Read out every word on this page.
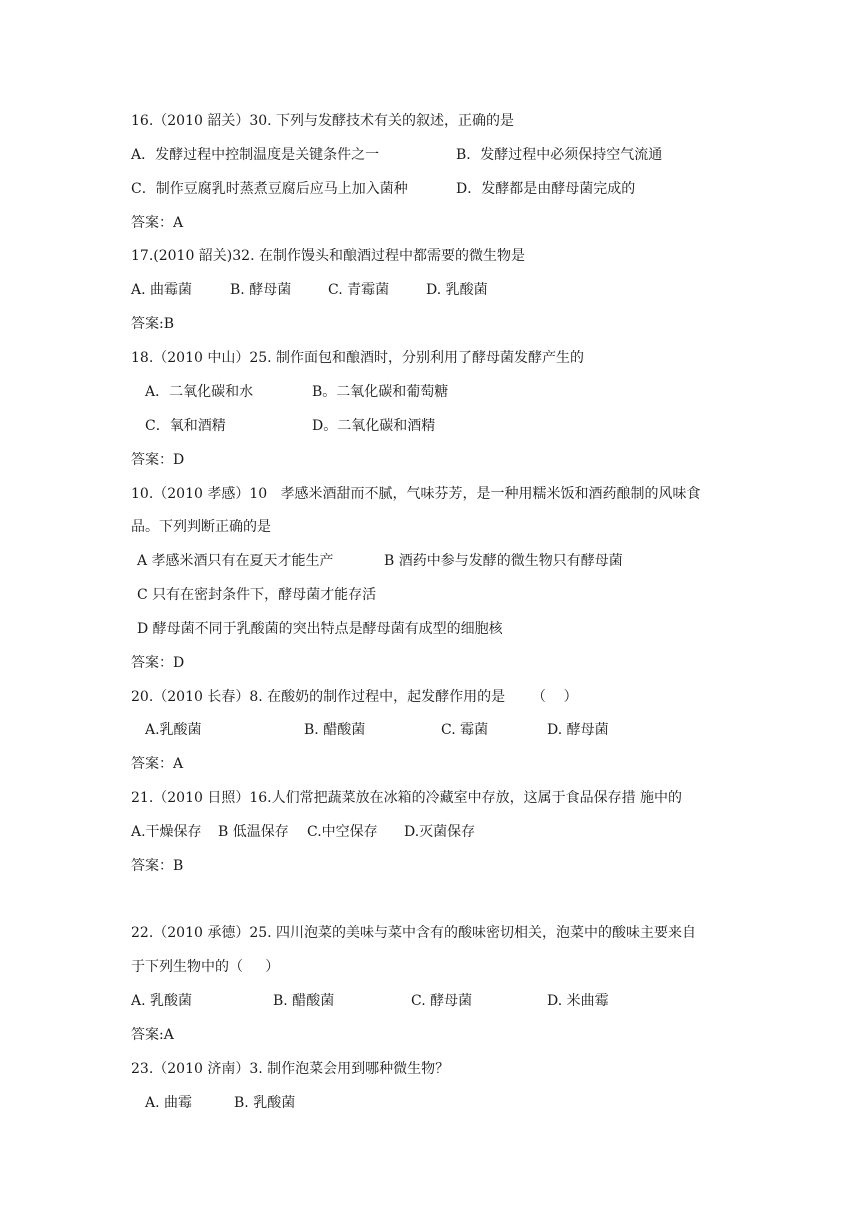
16.（2010 韶关）30. 下列与发酵技术有关的叙述，正确的是
A．发酵过程中控制温度是关键条件之一	B．发酵过程中必须保持空气流通
C．制作豆腐乳时蒸煮豆腐后应马上加入菌种	D．发酵都是由酵母菌完成的
答案：A
17.(2010 韶关)32. 在制作馒头和酿酒过程中都需要的微生物是
A. 曲霉菌	B. 酵母菌	C. 青霉菌	D. 乳酸菌
答案:B
18.（2010 中山）25. 制作面包和酿酒时，分别利用了酵母菌发酵产生的
A．二氧化碳和水	B。二氧化碳和葡萄糖
C．氧和酒精	D。二氧化碳和酒精
答案：D
10.（2010 孝感）10   孝感米酒甜而不腻，气味芬芳，是一种用糯米饭和酒药酿制的风味食
品。下列判断正确的是
A 孝感米酒只有在夏天才能生产	B 酒药中参与发酵的微生物只有酵母菌
C 只有在密封条件下，酵母菌才能存活
D 酵母菌不同于乳酸菌的突出特点是酵母菌有成型的细胞核
答案：D
20.（2010 长春）8. 在酸奶的制作过程中，起发酵作用的是      （    ）
A.乳酸菌	B. 醋酸菌	C. 霉菌	D. 酵母菌
答案：A
21.（2010 日照）16.人们常把蔬菜放在冰箱的冷藏室中存放，这属于食品保存措 施中的
A.干燥保存 B 低温保存 C.中空保存 D.灭菌保存
答案：B
22.（2010 承德）25. 四川泡菜的美味与菜中含有的酸味密切相关，泡菜中的酸味主要来自
于下列生物中的（     ）
A. 乳酸菌	B. 醋酸菌	C. 酵母菌	D. 米曲霉
答案:A
23.（2010 济南）3. 制作泡菜会用到哪种微生物？
A. 曲霉	B. 乳酸菌
